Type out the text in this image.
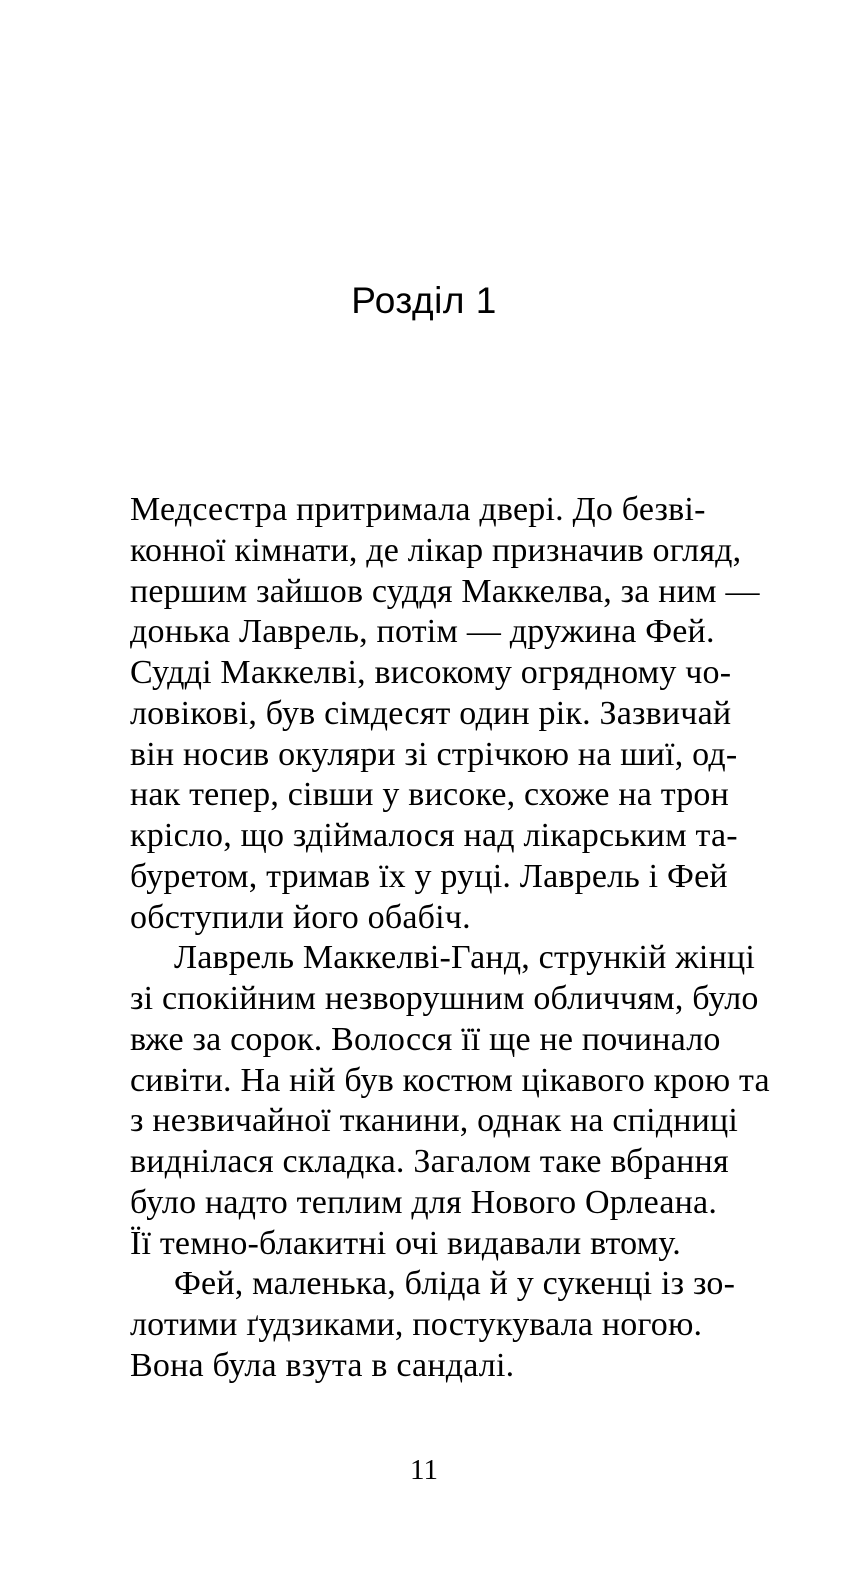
Розділ 1
Медсестра притримала двері. До безві-
конної кімнати, де лікар призначив огляд,
першим зайшов суддя Маккелва, за ним —
донька Лаврель, потім — дружина Фей.
Судді Маккелві, високому огрядному чо-
ловікові, був сімдесят один рік. Зазвичай
він носив окуляри зі стрічкою на шиї, од-
нак тепер, сівши у високе, схоже на трон
крісло, що здіймалося над лікарським та-
буретом, тримав їх у руці. Лаврель і Фей
обступили його обабіч.
Лаврель Маккелві-Ганд, стрункій жінці
зі спокійним незворушним обличчям, було
вже за сорок. Волосся її ще не починало
сивіти. На ній був костюм цікавого крою та
з незвичайної тканини, однак на спідниці
виднілася складка. Загалом таке вбрання
було надто теплим для Нового Орлеана.
Її темно-блакитні очі видавали втому.
Фей, маленька, бліда й у сукенці із зо-
лотими ґудзиками, постукувала ногою.
Вона була взута в сандалі.
11
